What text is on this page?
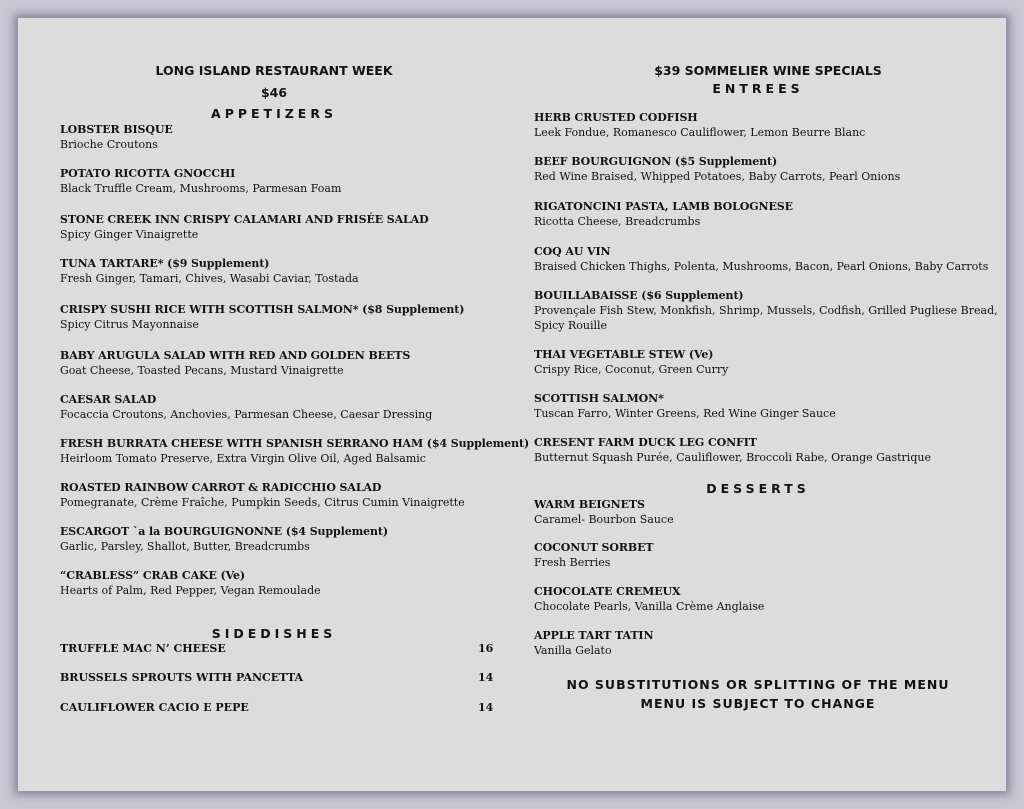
LONG ISLAND RESTAURANT WEEK
$46
APPETIZERS
LOBSTER BISQUE
Brioche Croutons
POTATO RICOTTA GNOCCHI
Black Truffle Cream, Mushrooms, Parmesan Foam
STONE CREEK INN CRISPY CALAMARI AND FRISÉE SALAD
Spicy Ginger Vinaigrette
TUNA TARTARE* ($9 Supplement)
Fresh Ginger, Tamari, Chives, Wasabi Caviar, Tostada
CRISPY SUSHI RICE WITH SCOTTISH SALMON* ($8 Supplement)
Spicy Citrus Mayonnaise
BABY ARUGULA SALAD WITH RED AND GOLDEN BEETS
Goat Cheese, Toasted Pecans, Mustard Vinaigrette
CAESAR SALAD
Focaccia Croutons, Anchovies, Parmesan Cheese, Caesar Dressing
FRESH BURRATA CHEESE WITH SPANISH SERRANO HAM ($4 Supplement)
Heirloom Tomato Preserve, Extra Virgin Olive Oil, Aged Balsamic
ROASTED RAINBOW CARROT & RADICCHIO SALAD
Pomegranate, Crème Fraîche, Pumpkin Seeds, Citrus Cumin Vinaigrette
ESCARGOT `a la BOURGUIGNONNE ($4 Supplement)
Garlic, Parsley, Shallot, Butter, Breadcrumbs
“CRABLESS” CRAB CAKE (Ve)
Hearts of Palm, Red Pepper, Vegan Remoulade
SIDEDISHES
TRUFFLE MAC N’ CHEESE	16
BRUSSELS SPROUTS WITH PANCETTA	14
CAULIFLOWER CACIO E PEPE	14
$39 SOMMELIER WINE SPECIALS
ENTREES
HERB CRUSTED CODFISH
Leek Fondue, Romanesco Cauliflower, Lemon Beurre Blanc
BEEF BOURGUIGNON ($5 Supplement)
Red Wine Braised, Whipped Potatoes, Baby Carrots, Pearl Onions
RIGATONCINI PASTA, LAMB BOLOGNESE
Ricotta Cheese, Breadcrumbs
COQ AU VIN
Braised Chicken Thighs, Polenta, Mushrooms, Bacon, Pearl Onions, Baby Carrots
BOUILLABAISSE ($6 Supplement)
Provençale Fish Stew, Monkfish, Shrimp, Mussels, Codfish, Grilled Pugliese Bread,
Spicy Rouille
THAI VEGETABLE STEW (Ve)
Crispy Rice, Coconut, Green Curry
SCOTTISH SALMON*
Tuscan Farro, Winter Greens, Red Wine Ginger Sauce
CRESENT FARM DUCK LEG CONFIT
Butternut Squash Purée, Cauliflower, Broccoli Rabe, Orange Gastrique
DESSERTS
WARM BEIGNETS
Caramel- Bourbon Sauce
COCONUT SORBET
Fresh Berries
CHOCOLATE CREMEUX
Chocolate Pearls, Vanilla Crème Anglaise
APPLE TART TATIN
Vanilla Gelato
NO SUBSTITUTIONS OR SPLITTING OF THE MENU
MENU IS SUBJECT TO CHANGE
